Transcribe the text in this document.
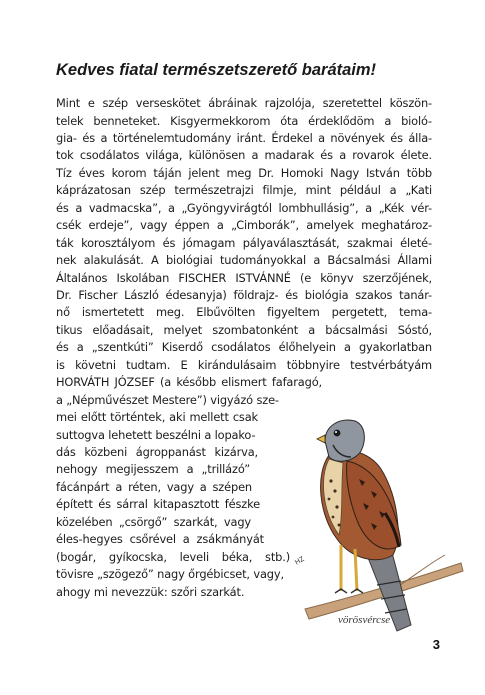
Kedves fiatal természetszerető barátaim!
Mint e szép verseskötet ábráinak rajzolója, szeretettel köszön-
telek benneteket. Kisgyermekkorom óta érdeklődöm a bioló-
gia- és a történelemtudomány iránt. Érdekel a növények és álla-
tok csodálatos világa, különösen a madarak és a rovarok élete.
Tíz éves korom táján jelent meg Dr. Homoki Nagy István több
káprázatosan szép természetrajzi filmje, mint például a „Kati
és a vadmacska”, a „Gyöngyvirágtól lombhullásig”, a „Kék vér-
csék erdeje”, vagy éppen a „Cimborák”, amelyek meghatároz-
ták korosztályom és jómagam pályaválasztását, szakmai életé-
nek alakulását. A biológiai tudományokkal a Bácsalmási Állami
Általános Iskolában FISCHER ISTVÁNNÉ (e könyv szerzőjének,
Dr. Fischer László édesanyja) földrajz- és biológia szakos tanár-
nő ismertetett meg. Elbűvölten figyeltem pergetett, tema-
tikus előadásait, melyet szombatonként a bácsalmási Sóstó,
és a „szentkúti” Kiserdő csodálatos élőhelyein a gyakorlatban
is követni tudtam. E kirándulásaim többnyire testvérbátyám
HORVÁTH JÓZSEF (a később elismert fafaragó,
a „Népművészet Mestere”) vigyázó sze-
mei előtt történtek, aki mellett csak
suttogva lehetett beszélni a lopako-
dás közbeni ágroppanást kizárva,
nehogy megijesszem a „trillázó”
fácánpárt a réten, vagy a szépen
épített és sárral kitapasztott fészke
közelében „csörgő” szarkát, vagy
éles-hegyes csőrével a zsákmányát
(bogár, gyíkocska, leveli béka, stb.)
tövisre „szögező” nagy őrgébicset, vagy,
ahogy mi nevezzük: szőri szarkát.
HZ
vörösvércse
3
